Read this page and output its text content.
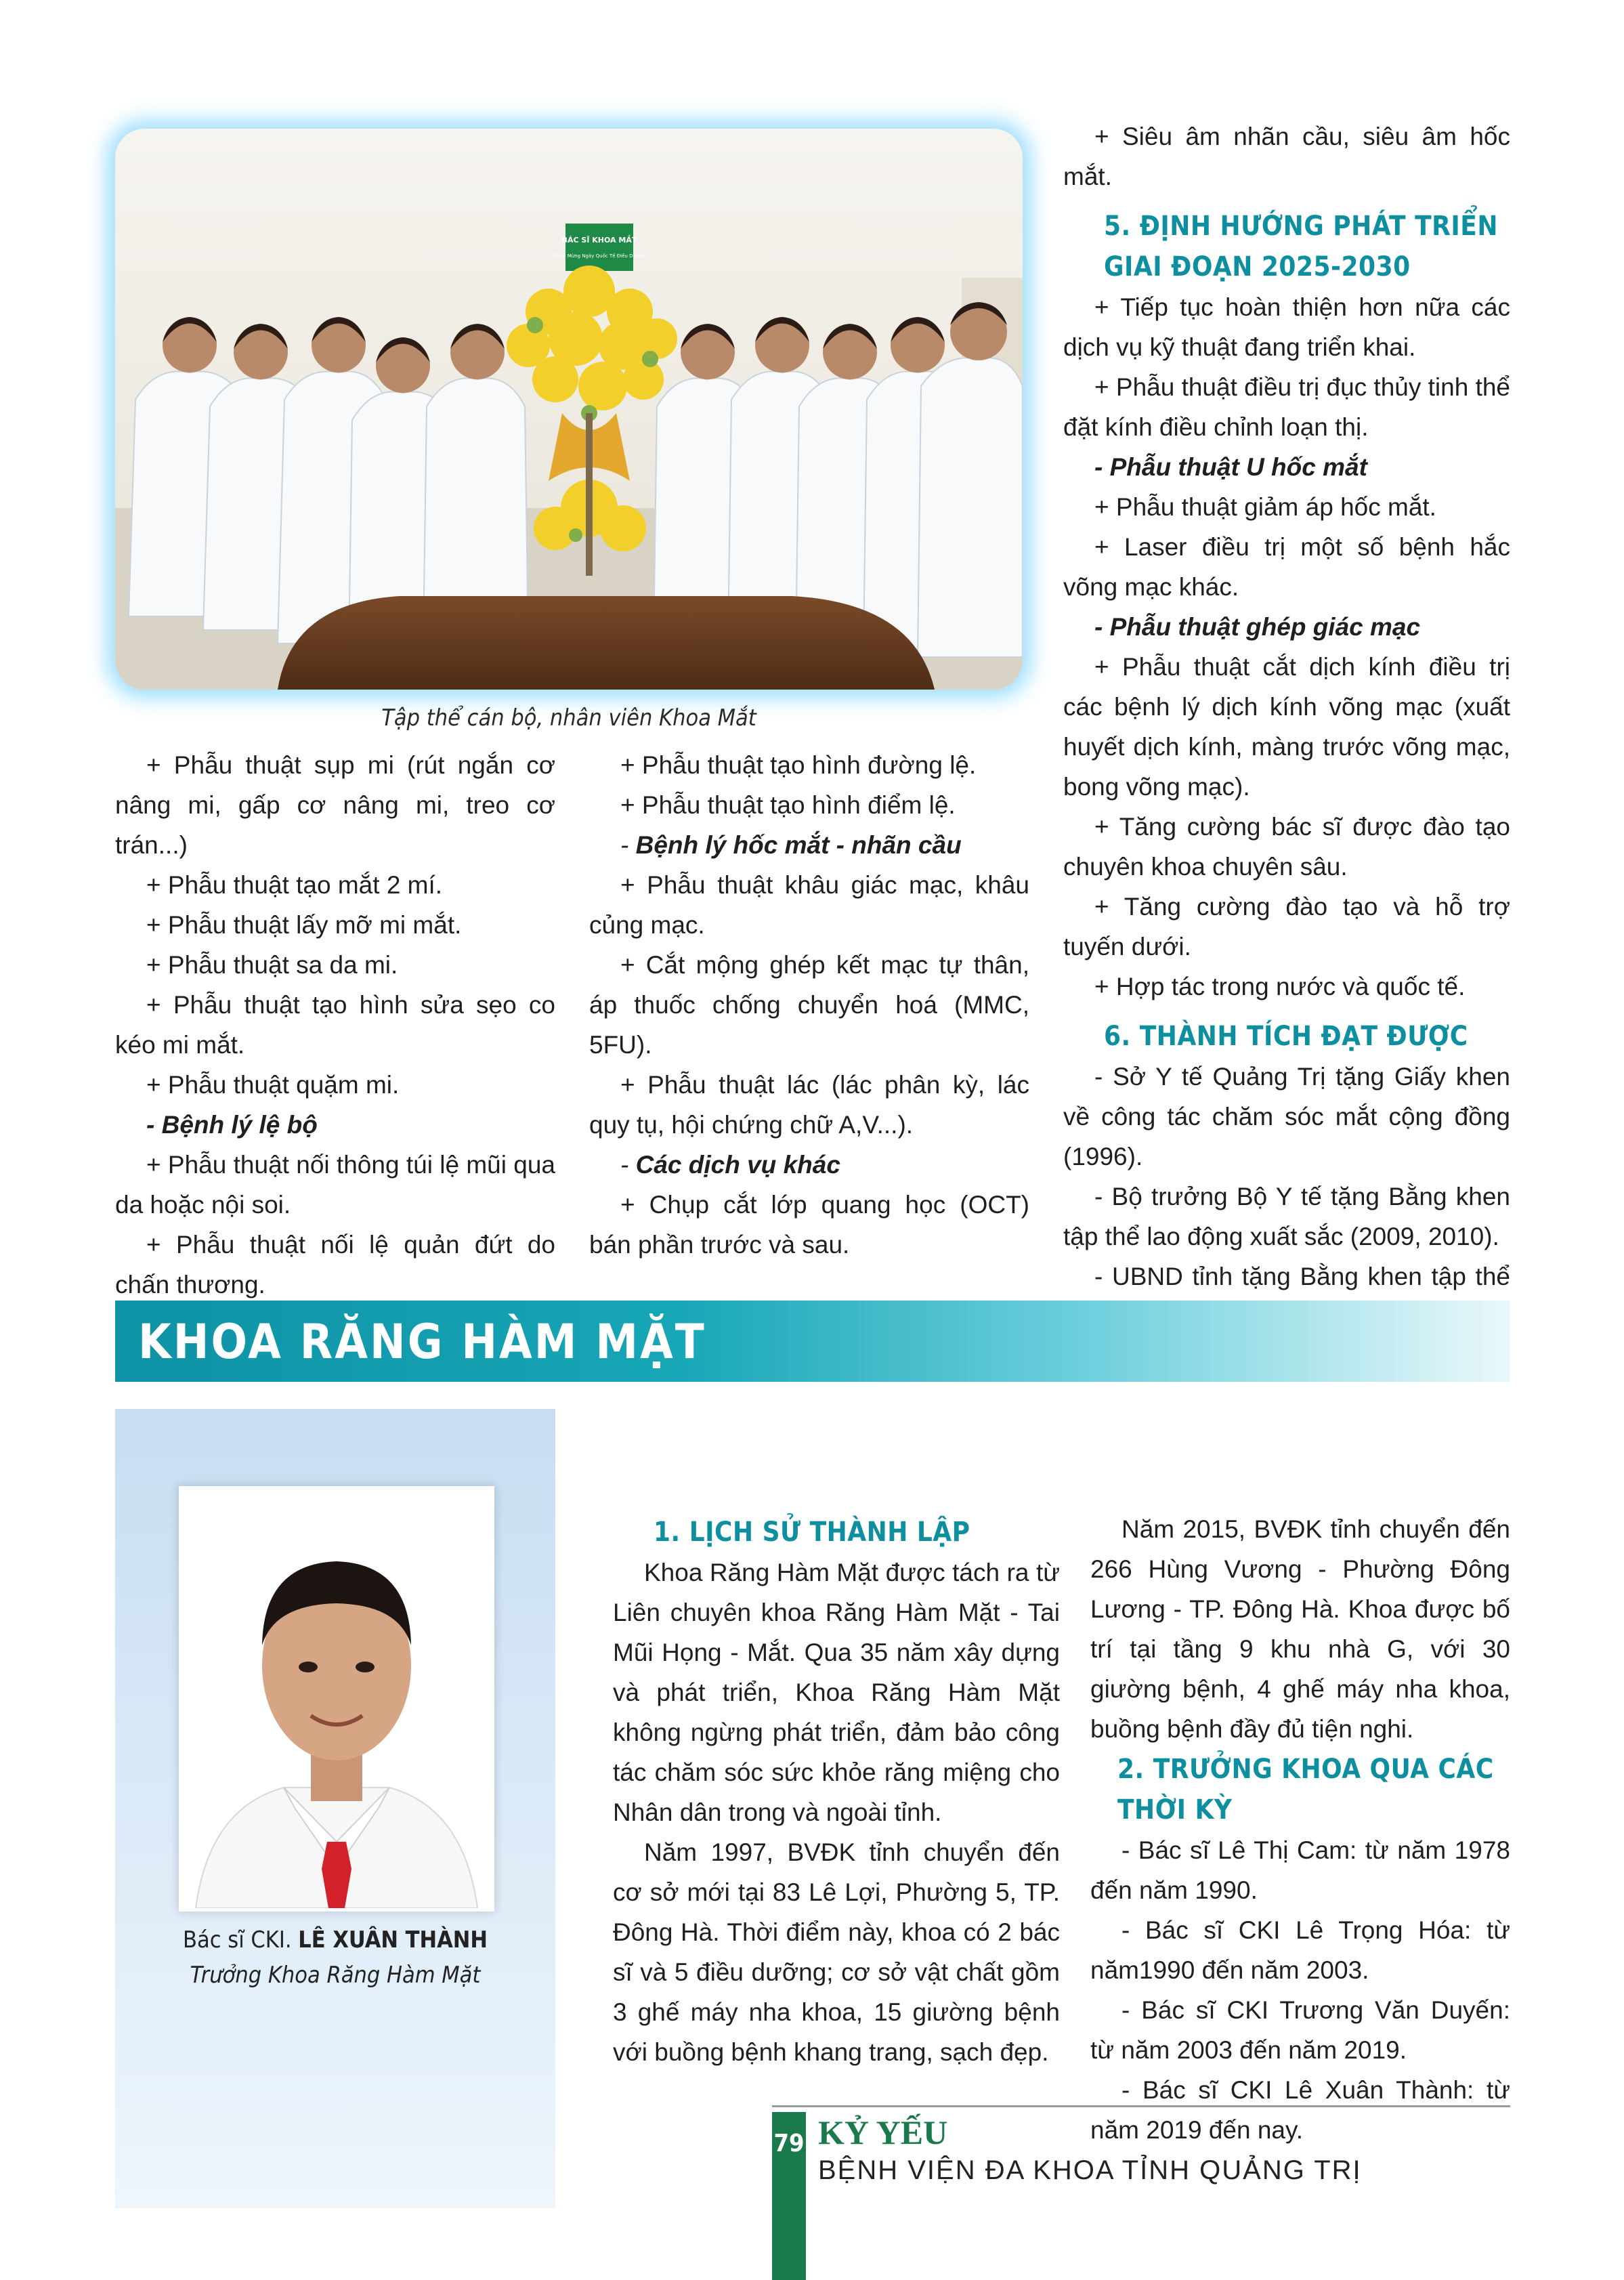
BÁC SĨ KHOA MẮT
Chúc Mừng Ngày Quốc Tế Điều Dưỡng
Tập thể cán bộ, nhân viên Khoa Mắt

+ Phẫu thuật sụp mi (rút ngắn cơ nâng mi, gấp cơ nâng mi, treo cơ trán...)

+ Phẫu thuật tạo mắt 2 mí.

+ Phẫu thuật lấy mỡ mi mắt.

+ Phẫu thuật sa da mi.

+ Phẫu thuật tạo hình sửa sẹo co kéo mi mắt.

+ Phẫu thuật quặm mi.

- Bệnh lý lệ bộ

+ Phẫu thuật nối thông túi lệ mũi qua da hoặc nội soi.

+ Phẫu thuật nối lệ quản đứt do chấn thương.

+ Phẫu thuật tạo hình đường lệ.

+ Phẫu thuật tạo hình điểm lệ.

- Bệnh lý hốc mắt - nhãn cầu

+ Phẫu thuật khâu giác mạc, khâu củng mạc.

+ Cắt mộng ghép kết mạc tự thân, áp thuốc chống chuyển hoá (MMC, 5FU).

+ Phẫu thuật lác (lác phân kỳ, lác quy tụ, hội chứng chữ A,V...).

- Các dịch vụ khác

+ Chụp cắt lớp quang học (OCT) bán phần trước và sau.

+ Siêu âm nhãn cầu, siêu âm hốc mắt.

5. ĐỊNH HƯỚNG PHÁT TRIỂN GIAI ĐOẠN 2025-2030

+ Tiếp tục hoàn thiện hơn nữa các dịch vụ kỹ thuật đang triển khai.

+ Phẫu thuật điều trị đục thủy tinh thể đặt kính điều chỉnh loạn thị.

- Phẫu thuật U hốc mắt

+ Phẫu thuật giảm áp hốc mắt.

+ Laser điều trị một số bệnh hắc võng mạc khác.

- Phẫu thuật ghép giác mạc

+ Phẫu thuật cắt dịch kính điều trị các bệnh lý dịch kính võng mạc (xuất huyết dịch kính, màng trước võng mạc, bong võng mạc).

+ Tăng cường bác sĩ được đào tạo chuyên khoa chuyên sâu.

+ Tăng cường đào tạo và hỗ trợ tuyến dưới.

+ Hợp tác trong nước và quốc tế.

6. THÀNH TÍCH ĐẠT ĐƯỢC

- Sở Y tế Quảng Trị tặng Giấy khen về công tác chăm sóc mắt cộng đồng (1996).

- Bộ trưởng Bộ Y tế tặng Bằng khen tập thể lao động xuất sắc (2009, 2010).

- UBND tỉnh tặng Bằng khen tập thể

KHOA RĂNG HÀM MẶT
Bác sĩ CKI. LÊ XUÂN THÀNH
Trưởng Khoa Răng Hàm Mặt
1. LỊCH SỬ THÀNH LẬP

Khoa Răng Hàm Mặt được tách ra từ Liên chuyên khoa Răng Hàm Mặt - Tai Mũi Họng - Mắt. Qua 35 năm xây dựng và phát triển, Khoa Răng Hàm Mặt không ngừng phát triển, đảm bảo công tác chăm sóc sức khỏe răng miệng cho Nhân dân trong và ngoài tỉnh.

Năm 1997, BVĐK tỉnh chuyển đến cơ sở mới tại 83 Lê Lợi, Phường 5, TP. Đông Hà. Thời điểm này, khoa có 2 bác sĩ và 5 điều dưỡng; cơ sở vật chất gồm 3 ghế máy nha khoa, 15 giường bệnh với buồng bệnh khang trang, sạch đẹp.

Năm 2015, BVĐK tỉnh chuyển đến 266 Hùng Vương - Phường Đông Lương - TP. Đông Hà. Khoa được bố trí tại tầng 9 khu nhà G, với 30 giường bệnh, 4 ghế máy nha khoa, buồng bệnh đầy đủ tiện nghi.

2. TRƯỞNG KHOA QUA CÁC THỜI KỲ

- Bác sĩ Lê Thị Cam: từ năm 1978 đến năm 1990.

- Bác sĩ CKI Lê Trọng Hóa: từ năm1990 đến năm 2003.

- Bác sĩ CKI Trương Văn Duyến: từ năm 2003 đến năm 2019.

- Bác sĩ CKI Lê Xuân Thành: từ năm 2019 đến nay.

79 KỶ YẾU
BỆNH VIỆN ĐA KHOA TỈNH QUẢNG TRỊ
